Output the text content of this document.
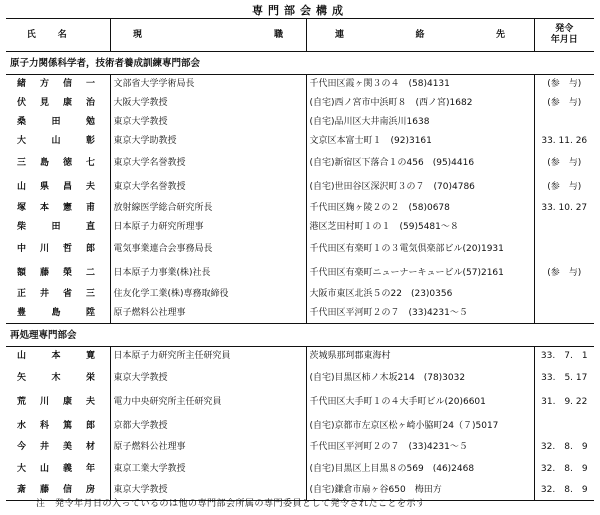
専門部会構成
氏名	現職	連絡先	発令
年月日

原子力関係科学者，技術者養成訓練専門部会			

緒方信一	文部省大学学術局長	千代田区霞ヶ関３の４　(58)4131	(参　与)

伏見康治	大阪大学教授	(自宅)西ノ宮市中浜町８　(西ノ宮)1682	(参　与)

桑田勉	東京大学教授	(自宅)品川区大井南浜川1638	

大山彰	東京大学助教授	文京区本富士町１　(92)3161	33. 11. 26

三島徳七	東京大学名誉教授	(自宅)新宿区下落合１の456　(95)4416	(参　与)

山県昌夫	東京大学名誉教授	(自宅)世田谷区深沢町３の７　(70)4786	(参　与)

塚本憲甫	放射線医学総合研究所長	千代田区麹ヶ陵２の２　(58)0678	33. 10. 27

柴田直	日本原子力研究所理事	港区芝田村町１の１　(59)5481～８	

中川哲郎	電気事業連合会事務局長	千代田区有楽町１の３電気倶楽部ビル(20)1931	

額藤榮二	日本原子力事業(株)社長	千代田区有楽町ニューナーキュービル(57)2161	(参　与)

正井省三	住友化学工業(株)専務取締役	大阪市東区北浜５の22　(23)0356	

豊島陞	原子燃料公社理事	千代田区平河町２の７　(33)4231～５	
再処理専門部会			

山本寛	日本原子力研究所主任研究員	茨城県那珂郡東海村	33.　7.　1

矢木栄	東京大学教授	(自宅)目黒区柿ノ木坂214　(78)3032	33.　5. 17

荒川康夫	電力中央研究所主任研究員	千代田区大手町１の４大手町ビル(20)6601	31.　9. 22

水科篤郎	京都大学教授	(自宅)京都市左京区松ヶ崎小脇町24（７)5017	

今井美材	原子燃料公社理事	千代田区平河町２の７　(33)4231～５	32.　8.　9

大山義年	東京工業大学教授	(自宅)目黒区上目黒８の569　(46)2468	32.　8.　9

斎藤信房	東京大学教授	(自宅)鎌倉市扇ヶ谷650　梅田方	32.　8.　9
注　発令年月日の入っているのは他の専門部会所属の専門委員として発令されたことを示す
